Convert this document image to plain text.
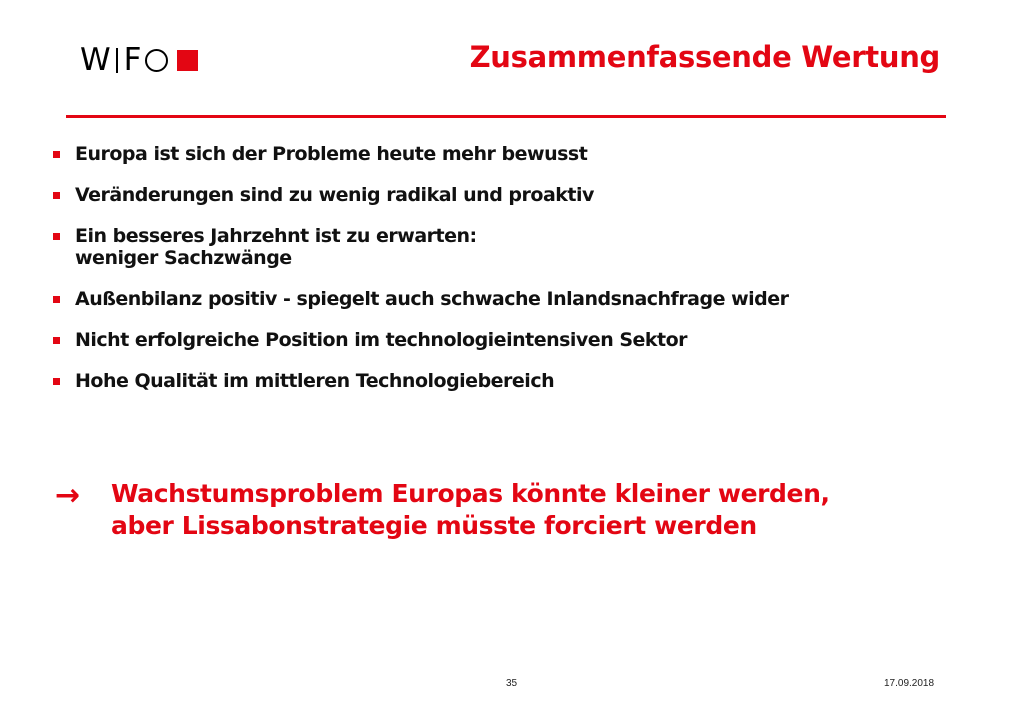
W F	Zusammenfassende Wertung
Europa ist sich der Probleme heute mehr bewusst
Veränderungen sind zu wenig radikal und proaktiv
Ein besseres Jahrzehnt ist zu erwarten:
weniger Sachzwänge
Außenbilanz positiv - spiegelt auch schwache Inlandsnachfrage wider
Nicht erfolgreiche Position im technologieintensiven Sektor
Hohe Qualität im mittleren Technologiebereich
→	Wachstumsproblem Europas könnte kleiner werden,
aber Lissabonstrategie müsste forciert werden
35	17.09.2018
